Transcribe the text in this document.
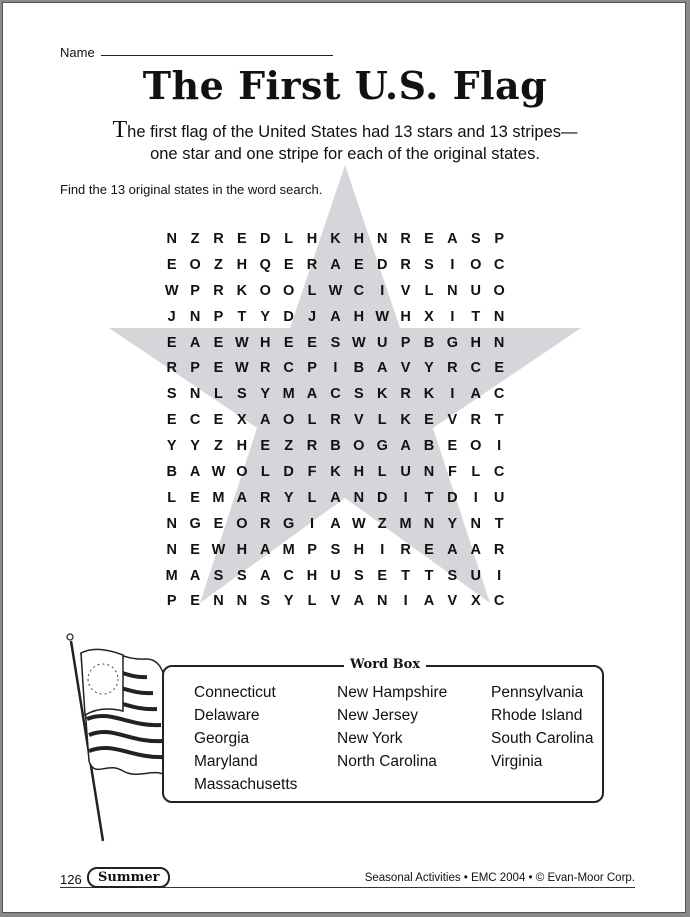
Name
The First U.S. Flag
The first flag of the United States had 13 stars and 13 stripes—
one star and one stripe for each of the original states.
Find the 13 original states in the word search.
N Z R E D L H K H N R E A S P
E O Z H Q E R A E D R S	I	O C
W P R K O O L W C	I	V L N U O
J N P T Y D J A H W H X	I	T N
E A E W H E E S W U P B G H N
R P E W R C P	I	B A V Y R C E
S N L S Y M A C S K R K	I	A C
E C E X A O L R V L K E V R T
Y Y Z H E Z R B O G A B E O	I
B A W O L D F K H L U N F	L C
L E M A R Y L A N D	I	T D	I	U
N G E O R G	I	A W Z M N Y N T
N E W H A M P S H	I	R E A A R
M A S S A C H U S E T	T S U	I
P E N N S Y L V A N	I	A V X C
Word Box
Connecticut
Delaware
Georgia
Maryland
Massachusetts
New Hampshire
New Jersey
New York
North Carolina
Pennsylvania
Rhode Island
South Carolina
Virginia
126	Summer	Seasonal Activities • EMC 2004 • © Evan-Moor Corp.
